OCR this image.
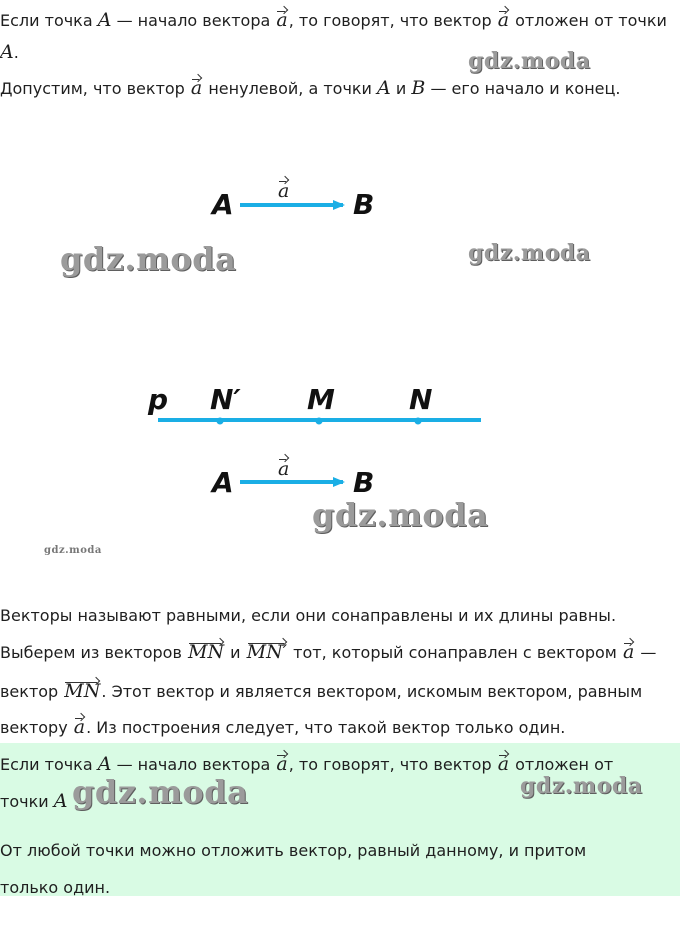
Если точка A — начало вектора a, то говорят, что вектор a отложен от точки
A.
Допустим, что вектор a ненулевой, а точки A и B — его начало и конец.
A	B
a
p N′ M	N
A	B
a
gdz.moda
gdz.moda	gdz.moda
gdz.moda
gdz.moda
Векторы называют равными, если они сонаправлены и их длины равны.
Выберем из векторов MN и MN′ тот, который сонаправлен с вектором a —
вектор MN. Этот вектор и является вектором, искомым вектором, равным
вектору a. Из построения следует, что такой вектор только один.
Если точка A — начало вектора a, то говорят, что вектор a отложен от
точки A gdz.moda	gdz.moda
От любой точки можно отложить вектор, равный данному, и притом
только один.
